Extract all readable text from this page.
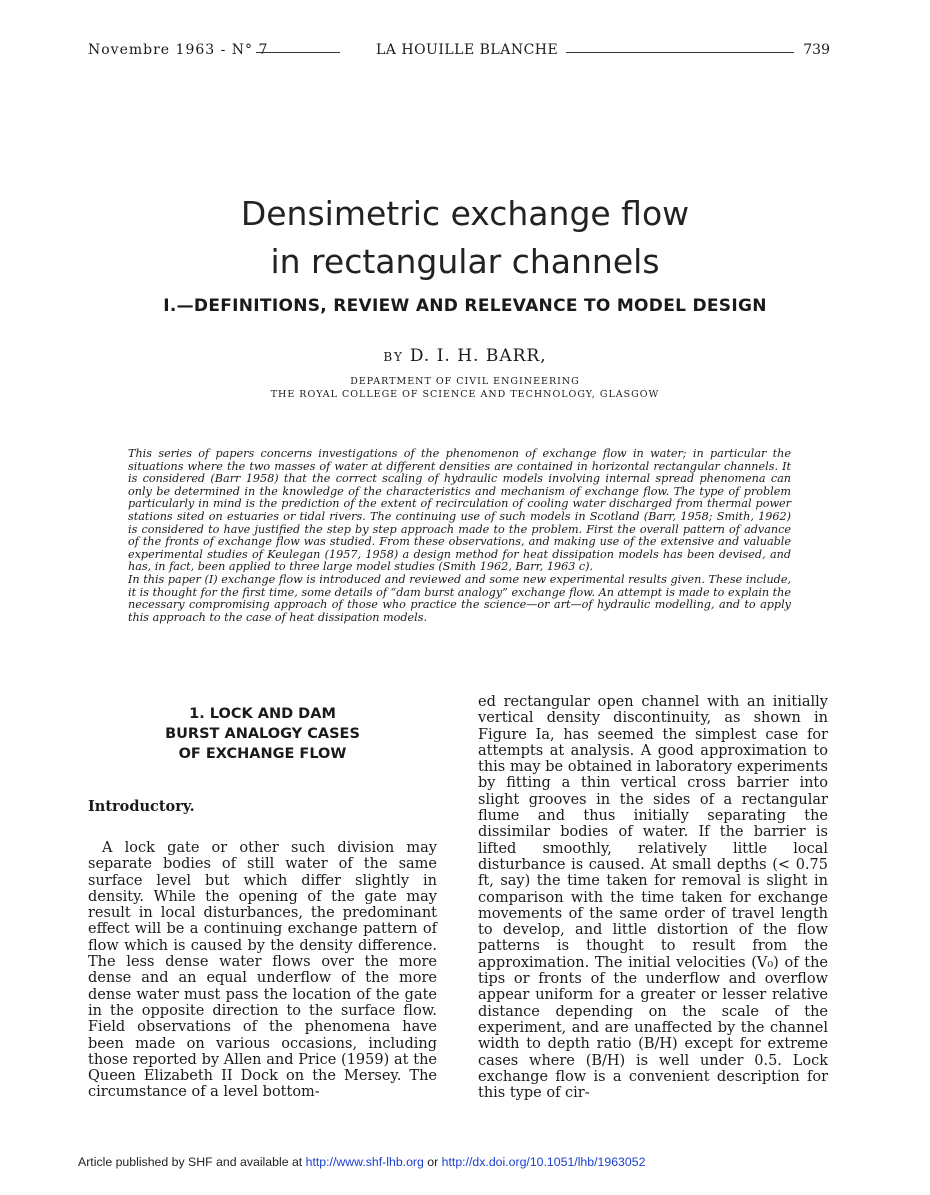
Novembre 1963 - N° 7	LA HOUILLE BLANCHE	739
Densimetric exchange flow
in rectangular channels
I.—DEFINITIONS, REVIEW AND RELEVANCE TO MODEL DESIGN
BY D. I. H. BARR,
DEPARTMENT OF CIVIL ENGINEERING
THE ROYAL COLLEGE OF SCIENCE AND TECHNOLOGY, GLASGOW

This series of papers concerns investigations of the phenomenon of exchange flow in water; in particular the situations where the two masses of water at different densities are contained in horizontal rectangular channels. It is considered (Barr 1958) that the correct scaling of hydraulic models involving internal spread phenomena can only be determined in the knowledge of the characteristics and mechanism of exchange flow. The type of problem particularly in mind is the prediction of the extent of recirculation of cooling water discharged from thermal power stations sited on estuaries or tidal rivers. The continuing use of such models in Scotland (Barr, 1958; Smith, 1962) is considered to have justified the step by step approach made to the problem. First the overall pattern of advance of the fronts of exchange flow was studied. From these observations, and making use of the extensive and valuable experimental studies of Keulegan (1957, 1958) a design method for heat dissipation models has been devised, and has, in fact, been applied to three large model studies (Smith 1962, Barr, 1963 c).

In this paper (I) exchange flow is introduced and reviewed and some new experimental results given. These include, it is thought for the first time, some details of “dam burst analogy” exchange flow. An attempt is made to explain the necessary compromising approach of those who practice the science—or art—of hydraulic modelling, and to apply this approach to the case of heat dissipation models.

1. LOCK AND DAM
BURST ANALOGY CASES
OF EXCHANGE FLOW
Introductory.

A lock gate or other such division may separate bodies of still water of the same surface level but which differ slightly in density. While the opening of the gate may result in local disturbances, the predominant effect will be a continuing exchange pattern of flow which is caused by the density difference. The less dense water flows over the more dense and an equal underflow of the more dense water must pass the location of the gate in the opposite direction to the surface flow. Field observations of the phenomena have been made on various occasions, including those reported by Allen and Price (1959) at the Queen Elizabeth II Dock on the Mersey. The circumstance of a level bottom-

ed rectangular open channel with an initially vertical density discontinuity, as shown in Figure Ia, has seemed the simplest case for attempts at analysis. A good approximation to this may be obtained in laboratory experiments by fitting a thin vertical cross barrier into slight grooves in the sides of a rectangular flume and thus initially separating the dissimilar bodies of water. If the barrier is lifted smoothly, relatively little local disturbance is caused. At small depths (< 0.75 ft, say) the time taken for removal is slight in comparison with the time taken for exchange movements of the same order of travel length to develop, and little distortion of the flow patterns is thought to result from the approximation. The initial velocities (V₀) of the tips or fronts of the underflow and overflow appear uniform for a greater or lesser relative distance depending on the scale of the experiment, and are unaffected by the channel width to depth ratio (B/H) except for extreme cases where (B/H) is well under 0.5. Lock exchange flow is a convenient description for this type of cir-

Article published by SHF and available at http://www.shf-lhb.org or http://dx.doi.org/10.1051/lhb/1963052
